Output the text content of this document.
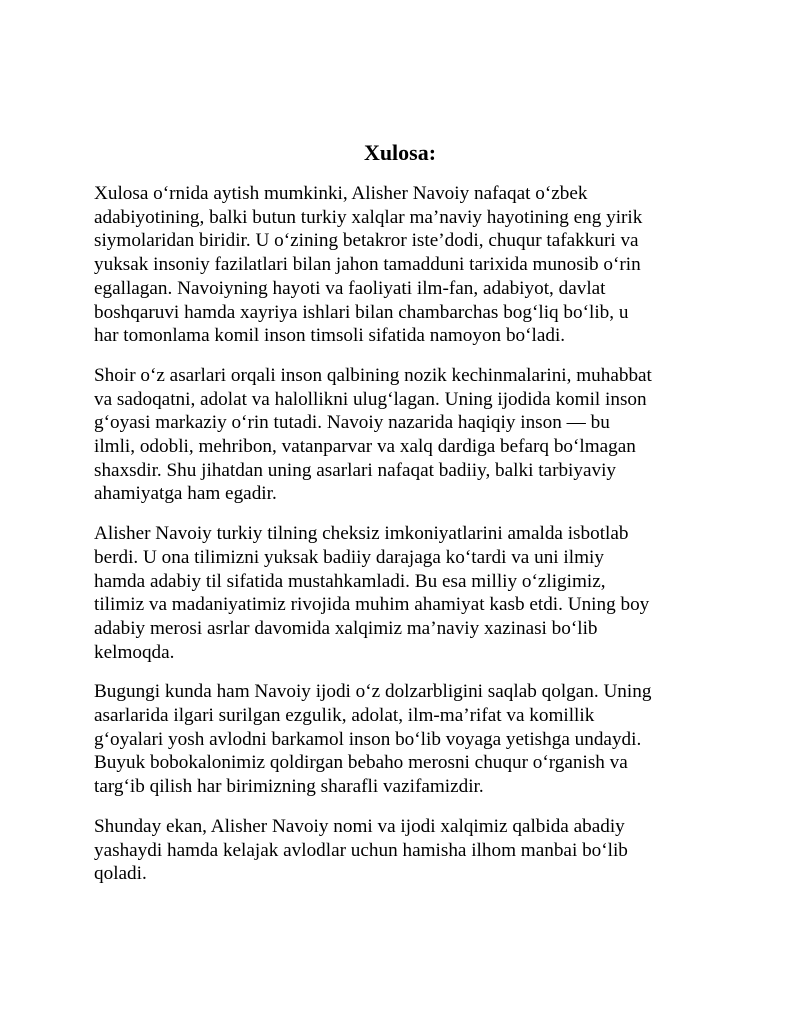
Xulosa:

Xulosa o‘rnida aytish mumkinki, Alisher Navoiy nafaqat o‘zbek
adabiyotining, balki butun turkiy xalqlar ma’naviy hayotining eng yirik
siymolaridan biridir. U o‘zining betakror iste’dodi, chuqur tafakkuri va
yuksak insoniy fazilatlari bilan jahon tamadduni tarixida munosib o‘rin
egallagan. Navoiyning hayoti va faoliyati ilm-fan, adabiyot, davlat
boshqaruvi hamda xayriya ishlari bilan chambarchas bog‘liq bo‘lib, u
har tomonlama komil inson timsoli sifatida namoyon bo‘ladi.

Shoir o‘z asarlari orqali inson qalbining nozik kechinmalarini, muhabbat
va sadoqatni, adolat va halollikni ulug‘lagan. Uning ijodida komil inson
g‘oyasi markaziy o‘rin tutadi. Navoiy nazarida haqiqiy inson — bu
ilmli, odobli, mehribon, vatanparvar va xalq dardiga befarq bo‘lmagan
shaxsdir. Shu jihatdan uning asarlari nafaqat badiiy, balki tarbiyaviy
ahamiyatga ham egadir.

Alisher Navoiy turkiy tilning cheksiz imkoniyatlarini amalda isbotlab
berdi. U ona tilimizni yuksak badiiy darajaga ko‘tardi va uni ilmiy
hamda adabiy til sifatida mustahkamladi. Bu esa milliy o‘zligimiz,
tilimiz va madaniyatimiz rivojida muhim ahamiyat kasb etdi. Uning boy
adabiy merosi asrlar davomida xalqimiz ma’naviy xazinasi bo‘lib
kelmoqda.

Bugungi kunda ham Navoiy ijodi o‘z dolzarbligini saqlab qolgan. Uning
asarlarida ilgari surilgan ezgulik, adolat, ilm-ma’rifat va komillik
g‘oyalari yosh avlodni barkamol inson bo‘lib voyaga yetishga undaydi.
Buyuk bobokalonimiz qoldirgan bebaho merosni chuqur o‘rganish va
targ‘ib qilish har birimizning sharafli vazifamizdir.

Shunday ekan, Alisher Navoiy nomi va ijodi xalqimiz qalbida abadiy
yashaydi hamda kelajak avlodlar uchun hamisha ilhom manbai bo‘lib
qoladi.
